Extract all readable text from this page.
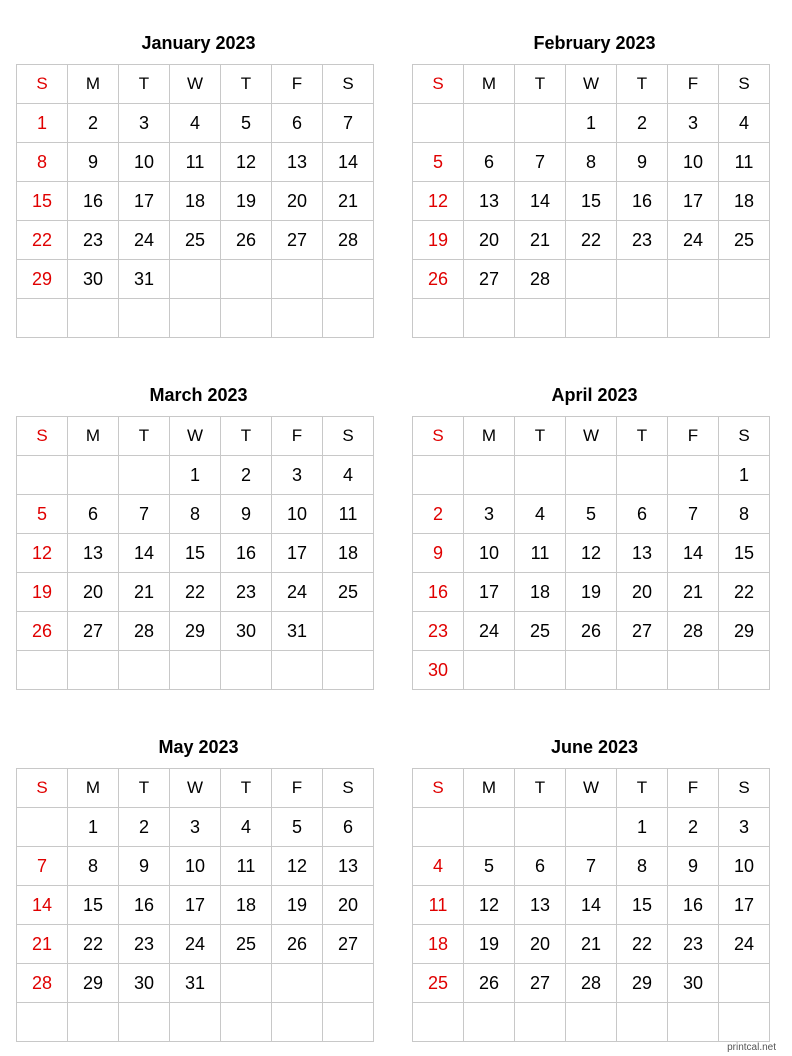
January 2023
S	M	T	W	T	F	S
1	2	3	4	5	6	7
8	9	10	11	12	13	14
15	16	17	18	19	20	21
22	23	24	25	26	27	28
29	30	31				

February 2023
S	M	T	W	T	F	S
			1	2	3	4
5	6	7	8	9	10	11
12	13	14	15	16	17	18
19	20	21	22	23	24	25
26	27	28				

March 2023
S	M	T	W	T	F	S
			1	2	3	4
5	6	7	8	9	10	11
12	13	14	15	16	17	18
19	20	21	22	23	24	25
26	27	28	29	30	31	

April 2023
S	M	T	W	T	F	S
						1
2	3	4	5	6	7	8
9	10	11	12	13	14	15
16	17	18	19	20	21	22
23	24	25	26	27	28	29
30						
May 2023
S	M	T	W	T	F	S
	1	2	3	4	5	6
7	8	9	10	11	12	13
14	15	16	17	18	19	20
21	22	23	24	25	26	27
28	29	30	31			

June 2023
S	M	T	W	T	F	S
				1	2	3
4	5	6	7	8	9	10
11	12	13	14	15	16	17
18	19	20	21	22	23	24
25	26	27	28	29	30	

printcal.net
